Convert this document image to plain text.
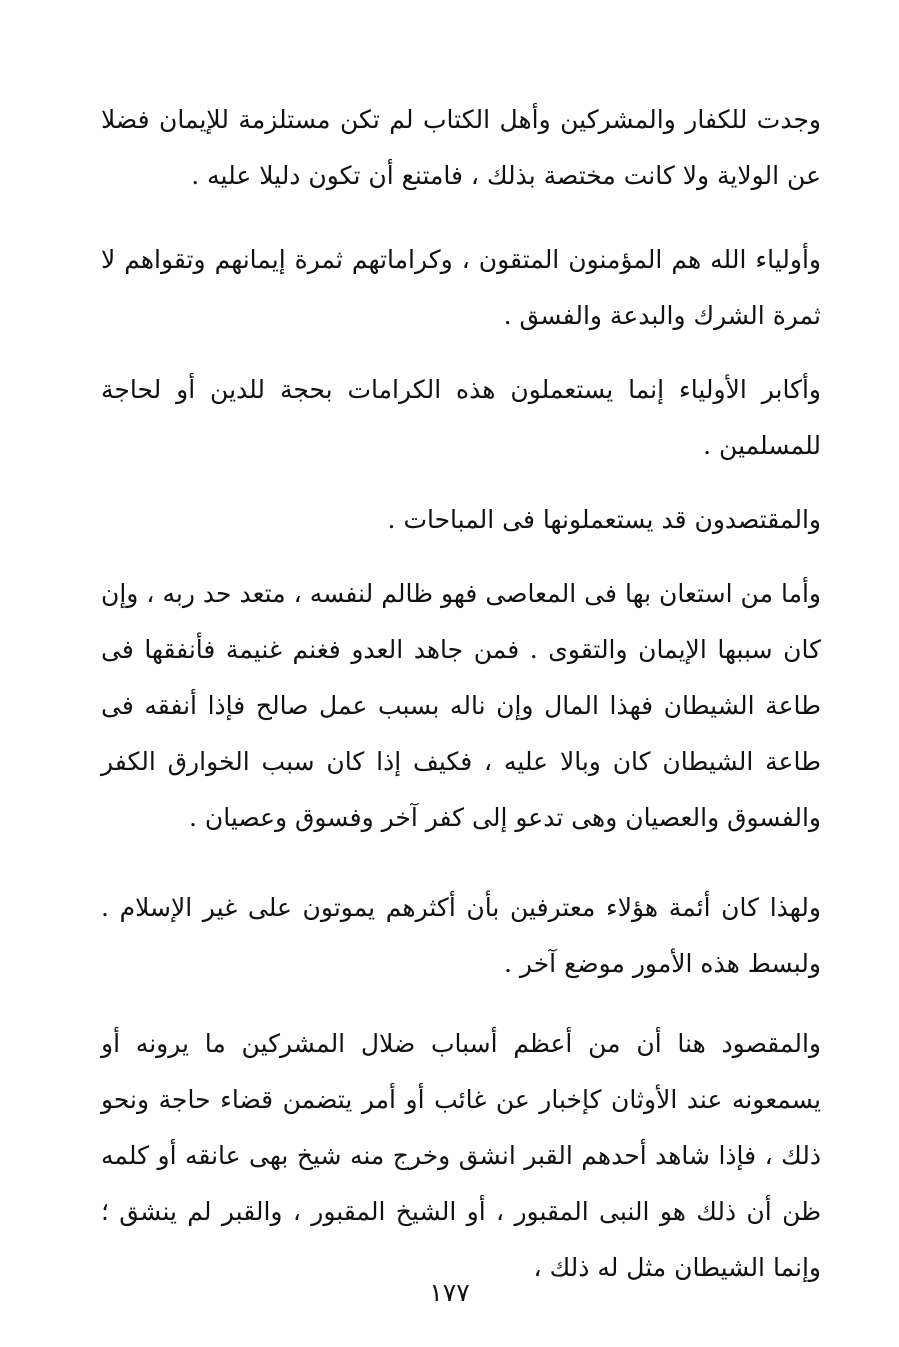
وجدت للكفار والمشركين وأهل الكتاب لم تكن مستلزمة للإيمان فضلا عن الولاية ولا كانت مختصة بذلك ، فامتنع أن تكون دليلا عليه .

وأولياء الله هم المؤمنون المتقون ، وكراماتهم ثمرة إيمانهم وتقواهم لا ثمرة الشرك والبدعة والفسق .

وأكابر الأولياء إنما يستعملون هذه الكرامات بحجة للدين أو لحاجة للمسلمين .

والمقتصدون قد يستعملونها فى المباحات .

وأما من استعان بها فى المعاصى فهو ظالم لنفسه ، متعد حد ربه ، وإن كان سببها الإيمان والتقوى . فمن جاهد العدو فغنم غنيمة فأنفقها فى طاعة الشيطان فهذا المال وإن ناله بسبب عمل صالح فإذا أنفقه فى طاعة الشيطان كان وبالا عليه ، فكيف إذا كان سبب الخوارق الكفر والفسوق والعصيان وهى تدعو إلى كفر آخر وفسوق وعصيان .

ولهذا كان أئمة هؤلاء معترفين بأن أكثرهم يموتون على غير الإسلام . ولبسط هذه الأمور موضع آخر .

والمقصود هنا أن من أعظم أسباب ضلال المشركين ما يرونه أو يسمعونه عند الأوثان كإخبار عن غائب أو أمر يتضمن قضاء حاجة ونحو ذلك ، فإذا شاهد أحدهم القبر انشق وخرج منه شيخ بهى عانقه أو كلمه ظن أن ذلك هو النبى المقبور ، أو الشيخ المقبور ، والقبر لم ينشق ؛ وإنما الشيطان مثل له ذلك ،

١٧٧
